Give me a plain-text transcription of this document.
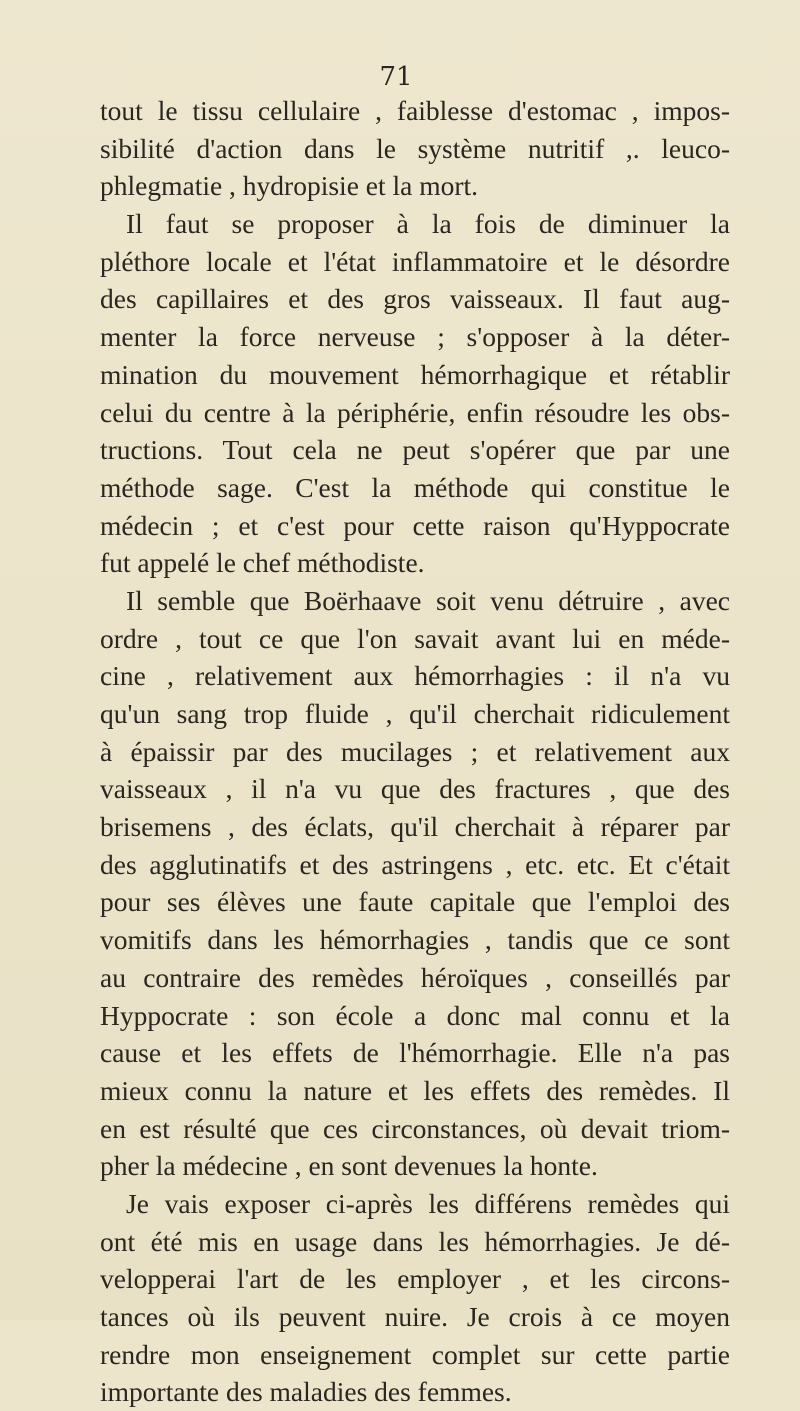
71
tout le tissu cellulaire , faiblesse d'estomac , impos-
sibilité d'action dans le système nutritif ,. leuco-
phlegmatie , hydropisie et la mort.
Il faut se proposer à la fois de diminuer la
pléthore locale et l'état inflammatoire et le désordre
des capillaires et des gros vaisseaux. Il faut aug-
menter la force nerveuse ; s'opposer à la déter-
mination du mouvement hémorrhagique et rétablir
celui du centre à la périphérie, enfin résoudre les obs-
tructions. Tout cela ne peut s'opérer que par une
méthode sage. C'est la méthode qui constitue le
médecin ; et c'est pour cette raison qu'Hyppocrate
fut appelé le chef méthodiste.
Il semble que Boërhaave soit venu détruire , avec
ordre , tout ce que l'on savait avant lui en méde-
cine , relativement aux hémorrhagies : il n'a vu
qu'un sang trop fluide , qu'il cherchait ridiculement
à épaissir par des mucilages ; et relativement aux
vaisseaux , il n'a vu que des fractures , que des
brisemens , des éclats, qu'il cherchait à réparer par
des agglutinatifs et des astringens , etc. etc. Et c'était
pour ses élèves une faute capitale que l'emploi des
vomitifs dans les hémorrhagies , tandis que ce sont
au contraire des remèdes héroïques , conseillés par
Hyppocrate : son école a donc mal connu et la
cause et les effets de l'hémorrhagie. Elle n'a pas
mieux connu la nature et les effets des remèdes. Il
en est résulté que ces circonstances, où devait triom-
pher la médecine , en sont devenues la honte.
Je vais exposer ci-après les différens remèdes qui
ont été mis en usage dans les hémorrhagies. Je dé-
velopperai l'art de les employer , et les circons-
tances où ils peuvent nuire. Je crois à ce moyen
rendre mon enseignement complet sur cette partie
importante des maladies des femmes.
